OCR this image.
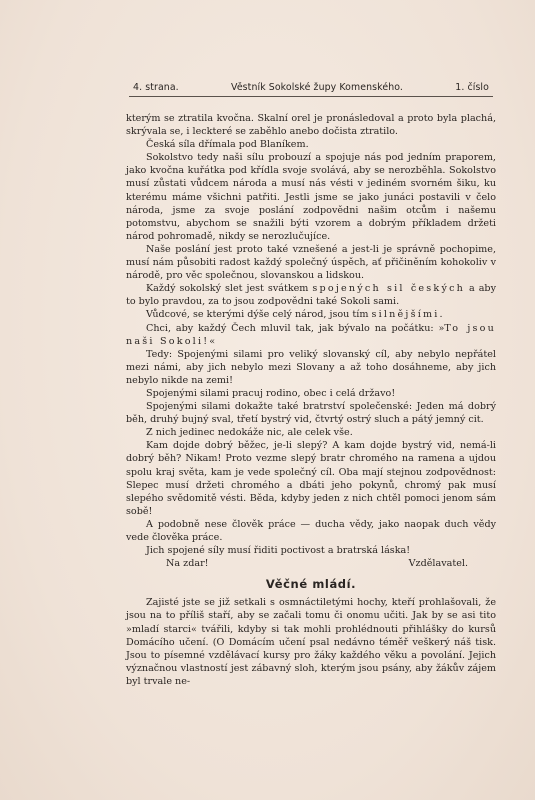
4. strana.	Věstník Sokolské župy Komenského.	1. číslo

kterým se ztratila kvočna. Skalní orel je pronásledoval a proto byla plachá, skrývala se, i leckteré se zaběhlo anebo dočista ztratilo.

Česká síla dřímala pod Blaníkem.

Sokolstvo tedy naši sílu probouzí a spojuje nás pod jedním praporem, jako kvočna kuřátka pod křídla svoje svolává, aby se nerozběhla. Sokolstvo musí zůstati vůdcem národa a musí nás vésti v jediném svorném šiku, ku kterému máme všichni patřiti. Jestli jsme se jako junáci postavili v čelo národa, jsme za svoje poslání zodpovědni našim otcům i našemu potomstvu, abychom se snažili býti vzorem a dobrým příkladem držeti národ pohromadě, nikdy se nerozlučujíce.

Naše poslání jest proto také vznešené a jest-li je správně pochopime, musí nám působiti radost každý společný úspěch, ať přičiněním kohokoliv v národě, pro věc společnou, slovanskou a lidskou.

Každý sokolský slet jest svátkem spojených sil českých a aby to bylo pravdou, za to jsou zodpovědni také Sokoli sami.

Vůdcové, se kterými dýše celý národ, jsou tím silnějšími.

Chci, aby každý Čech mluvil tak, jak bývalo na počátku: »To jsou naši Sokoli!«

Tedy: Spojenými silami pro veliký slovanský cíl, aby nebylo nepřátel mezi námi, aby jich nebylo mezi Slovany a až toho dosáhneme, aby jich nebylo nikde na zemi!

Spojenými silami pracuj rodino, obec i celá državo!

Spojenými silami dokažte také bratrství společenské: Jeden má dobrý běh, druhý bujný sval, třetí bystrý vid, čtvrtý ostrý sluch a pátý jemný cit.

Z nich jedinec nedokáže nic, ale celek vše.

Kam dojde dobrý běžec, je-li slepý? A kam dojde bystrý vid, nemá-li dobrý běh? Nikam! Proto vezme slepý bratr chromého na ramena a ujdou spolu kraj světa, kam je vede společný cíl. Oba mají stejnou zodpovědnost: Slepec musí držeti chromého a dbáti jeho pokynů, chromý pak musí slepého svědomitě vésti. Běda, kdyby jeden z nich chtěl pomoci jenom sám sobě!

A podobně nese člověk práce — ducha vědy, jako naopak duch vědy vede člověka práce.

Jich spojené síly musí řiditi poctivost a bratrská láska!

Na zdar!	Vzdělavatel.

Věčné mládí.

Zajisté jste se již setkali s osmnáctiletými hochy, kteří prohlašovali, že jsou na to příliš staří, aby se začali tomu či onomu učiti. Jak by se asi tito »mladí starci« tvářili, kdyby si tak mohli prohlédnouti přihlášky do kursů Domácího učení. (O Domácím učení psal nedávno téměř veškerý náš tisk. Jsou to písemné vzdělávací kursy pro žáky každého věku a povolání. Jejich význačnou vlastností jest zábavný sloh, kterým jsou psány, aby žákův zájem byl trvale ne-
